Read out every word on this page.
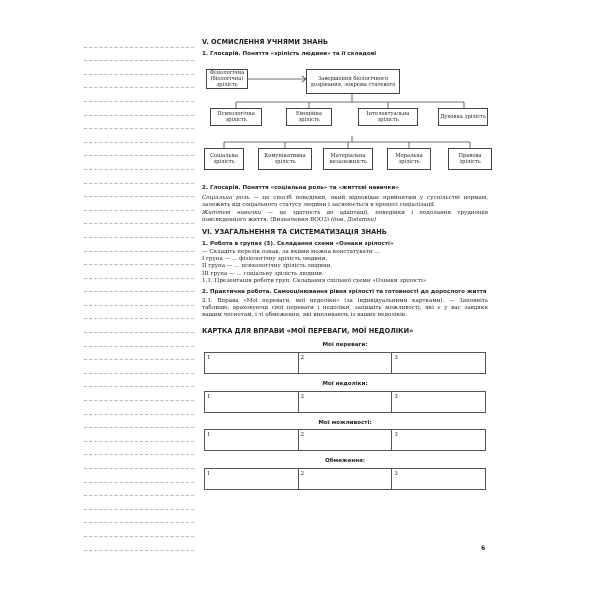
V. ОСМИСЛЕННЯ УЧНЯМИ ЗНАНЬ
1. Глосарій. Поняття «зрілість людини» та її складові
Фізіологічна (біологічна) зрілість
Завершення біологічного дозрівання, зокрема статевого
Психологічна зрілість
Емоційна зрілість
Інтелектуальна зрілість	Духовна зрілість
Соціальна зрілість
Комунікативна зрілість
Матеріальна незалежність
Моральна зрілість
Правова зрілість
2. Глосарій. Поняття «соціальна роль» та «життєві навички»

Соціальна роль — це спосіб поведінки, який відповідає прийнятим у суспільстві нормам, залежить від соціального статусу людини і засвоюється в процесі соціалізації.

Життєві навички — це здатність до адаптації, поведінки і подолання труднощів повсякденного життя. (Визначення ВООЗ) (див. Додатки)

VI. УЗАГАЛЬНЕННЯ ТА СИСТЕМАТИЗАЦІЯ ЗНАНЬ
1. Робота в групах (3). Складання схеми «Ознаки зрілості»

— Складіть перелік ознак, за якими можна констатувати ...

І група — ... фізіологічну зрілість людини,

ІІ група — ... психологічну зрілість людини,

ІІІ група — ... соціальну зрілість людини.

1.1. Презентація роботи груп. Складання спільної схеми «Ознаки зрілості»

2. Практична робота. Самооцінювання рівня зрілості та готовності до дорослого життя

2.1. Вправа «Мої переваги, мої недоліки» (за індивідуальними картками). — Заповніть таблицю, враховуючи свої переваги і недоліки, запишіть можливості, які є у вас завдяки вашим чеснотам, і ті обмеження, які випливають із ваших недоліків.

КАРТКА ДЛЯ ВПРАВИ «МОЇ ПЕРЕВАГИ, МОЇ НЕДОЛІКИ»
Мої переваги:
1	2	3
Мої недоліки:
1	2	3
Мої можливості:
1	2	3
Обмеження:
1	2	3
6
